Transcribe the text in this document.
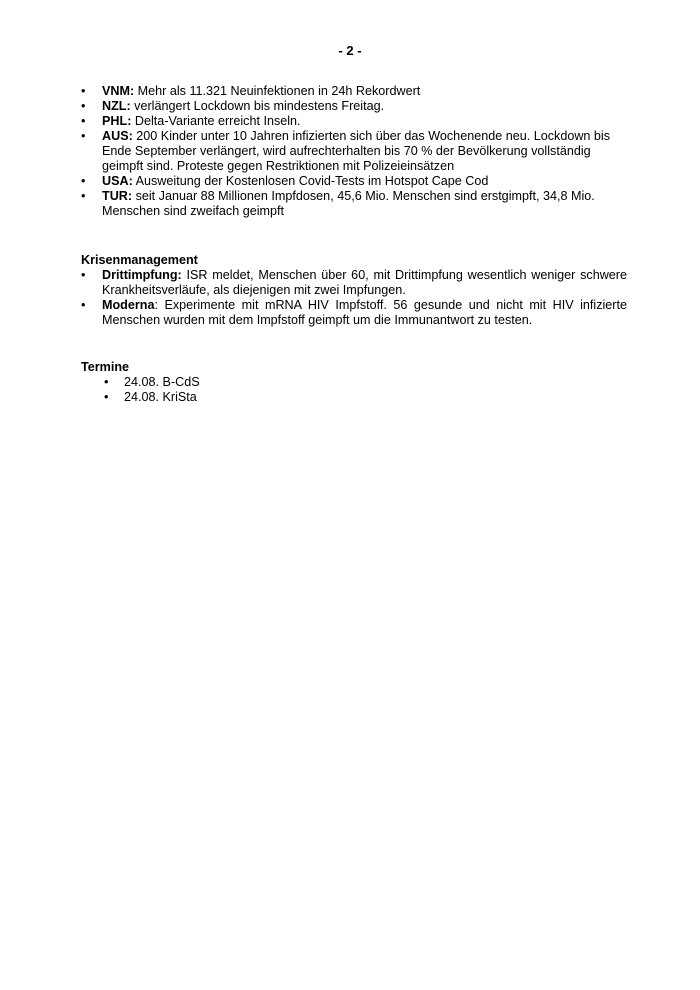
- 2 -
•	VNM: Mehr als 11.321 Neuinfektionen in 24h Rekordwert
•	NZL: verlängert Lockdown bis mindestens Freitag.
•	PHL: Delta-Variante erreicht Inseln.
•	AUS: 200 Kinder unter 10 Jahren infizierten sich über das Wochenende neu. Lockdown bis Ende September verlängert, wird aufrechterhalten bis 70 % der Bevölkerung vollständig geimpft sind. Proteste gegen Restriktionen mit Polizeieinsätzen
•	USA: Ausweitung der Kostenlosen Covid-Tests im Hotspot Cape Cod
•	TUR: seit Januar 88 Millionen Impfdosen, 45,6 Mio. Menschen sind erstgimpft, 34,8 Mio. Menschen sind zweifach geimpft
Krisenmanagement
•	Drittimpfung: ISR meldet, Menschen über 60, mit Drittimpfung wesentlich weniger schwere Krankheitsverläufe, als diejenigen mit zwei Impfungen.
•	Moderna: Experimente mit mRNA HIV Impfstoff. 56 gesunde und nicht mit HIV infizierte Menschen wurden mit dem Impfstoff geimpft um die Immunantwort zu testen.
Termine
•	24.08. B-CdS
•	24.08. KriSta
